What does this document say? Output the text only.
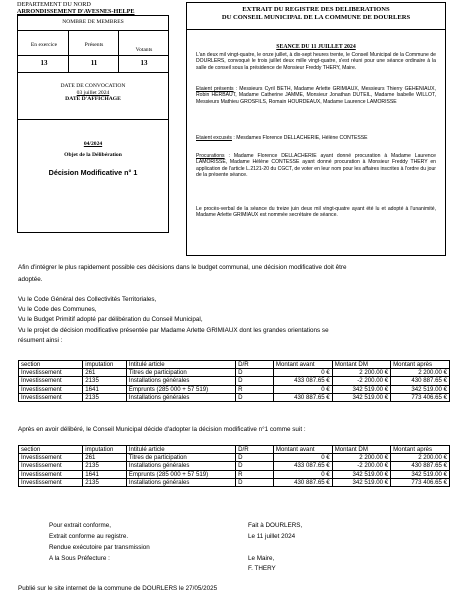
DEPARTEMENT DU NORD
ARRONDISSEMENT D'AVESNES-HELPE
NOMBRE DE MEMBRES
En exercice	Présents
Votants
13	11	13
DATE DE CONVOCATION
03 juillet 2024
DATE D'AFFICHAGE
04/2024
Objet de la Délibération
Décision Modificative n° 1
EXTRAIT DU REGISTRE DES DELIBERATIONS
DU CONSEIL MUNICIPAL DE LA COMMUNE DE DOURLERS
SEANCE DU 11 JUILLET 2024
L'an deux mil vingt-quatre, le onze juillet, à dix-sept heures trente, le Conseil Municipal de la Commune de DOURLERS, convoqué le trois juillet deux mille vingt-quatre, s'est réuni pour une séance ordinaire à la salle de conseil sous la présidence de Monsieur Freddy THERY, Maire.
Etaient présents : Messieurs Cyril BETH, Madame Arlette GRIMIAUX, Messieurs Thierry GEHENIAUX, Robin HERBAUT, Madame Catherine JAMME, Monsieur Jonathan DUTEIL, Madame Isabelle WILLOT, Messieurs Mathieu GROSFILS, Romain HOURDEAUX, Madame Laurence LAMORISSE
Etaient excusés : Mesdames Florence DELLACHERIE, Hélène CONTESSE
Procurations : Madame Florence DELLACHERIE ayant donné procuration à Madame Laurence LAMORISSE, Madame Hélène CONTESSE ayant donné procuration à Monsieur Freddy THERY en application de l'article L.2121-20 du CGCT, de voter en leur nom pour les affaires inscrites à l'ordre du jour de la présente séance.
Le procès-verbal de la séance du treize juin deux mil vingt-quatre ayant été lu et adopté à l'unanimité, Madame Arlette GRIMIAUX est nommée secrétaire de séance.
Afin d'intégrer le plus rapidement possible ces décisions dans le budget communal, une décision modificative doit être
adoptée.
Vu le Code Général des Collectivités Territoriales,
Vu le Code des Communes,
Vu le Budget Primitif adopté par délibération du Conseil Municipal,
Vu le projet de décision modificative présentée par Madame Arlette GRIMIAUX dont les grandes orientations se
résument ainsi :
section	imputation	Intitulé article	D/R	Montant avant	Montant DM	Montant après
Investissement	261	Titres de participation	D	0 €	2 200.00 €	2 200.00 €
Investissement	2135	Installations générales	D	433 087.65 €	-2 200.00 €	430 887.65 €
Investissement	1641	Emprunts (285 000 + 57 519)	R	0 €	342 519.00 €	342 519.00 €
Investissement	2135	Installations générales	D	430 887.65 €	342 519.00 €	773 406.65 €
Après en avoir délibéré, le Conseil Municipal décide d'adopter la décision modificative n°1 comme suit :
section	imputation	Intitulé article	D/R	Montant avant	Montant DM	Montant après
Investissement	261	Titres de participation	D	0 €	2 200.00 €	2 200.00 €
Investissement	2135	Installations générales	D	433 087.65 €	-2 200.00 €	430 887.65 €
Investissement	1641	Emprunts (285 000 + 57 519)	R	0 €	342 519.00 €	342 519.00 €
Investissement	2135	Installations générales	D	430 887.65 €	342 519.00 €	773 406.65 €
Pour extrait conforme,
Extrait conforme au registre.
Rendue exécutoire par transmission
A la Sous Préfecture :
Fait à DOURLERS,
Le 11 juillet 2024
Le Maire,
F. THERY
Publié sur le site internet de la commune de DOURLERS le 27/05/2025
